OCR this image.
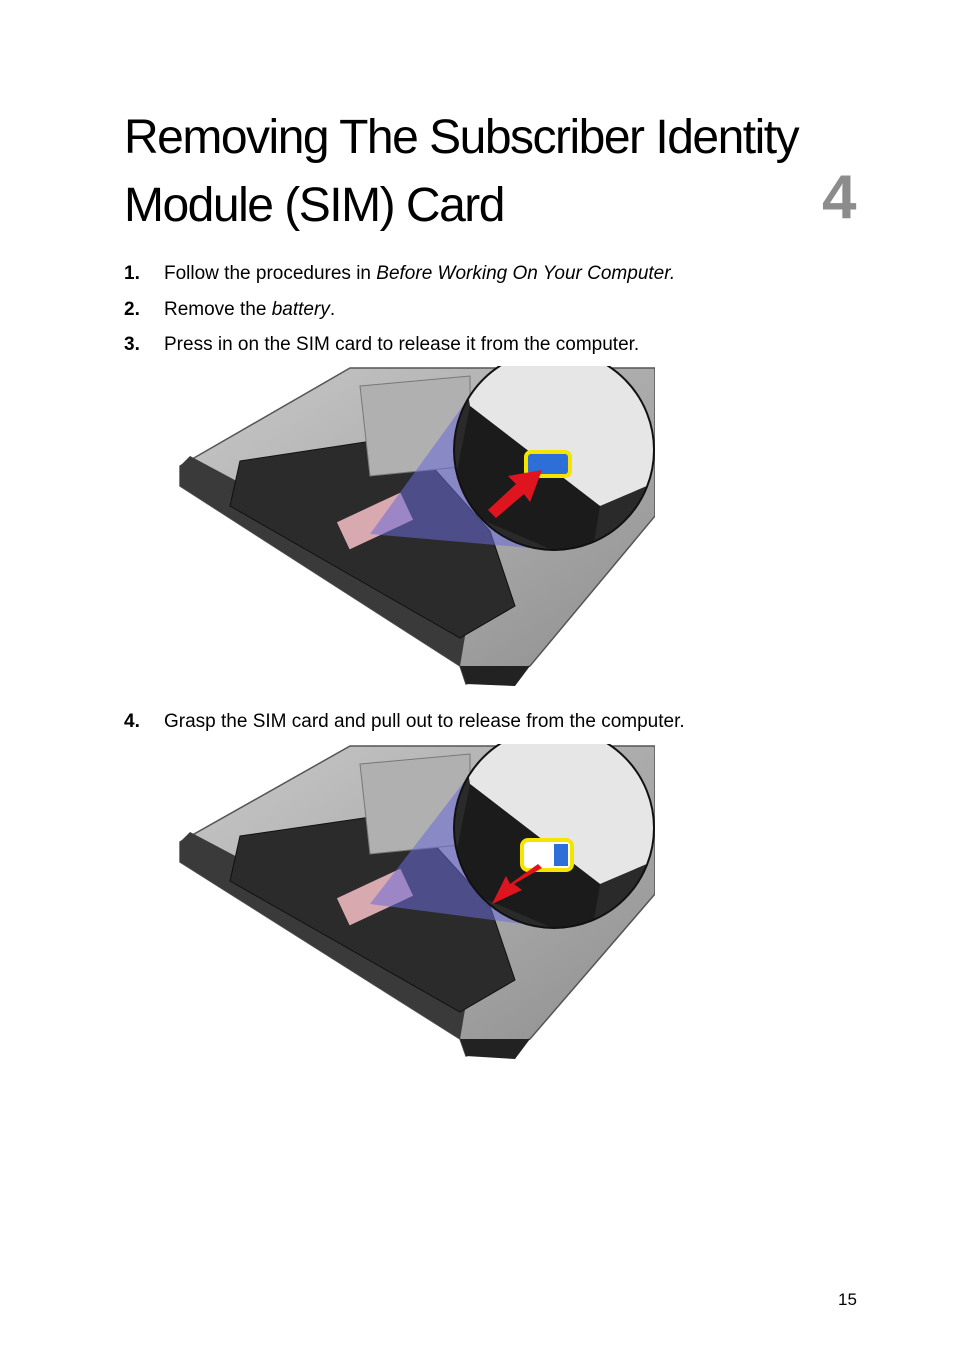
Removing The Subscriber Identity
Module (SIM) Card	4
1. Follow the procedures in Before Working On Your Computer.
2. Remove the battery.
3. Press in on the SIM card to release it from the computer.
4. Grasp the SIM card and pull out to release from the computer.
15
